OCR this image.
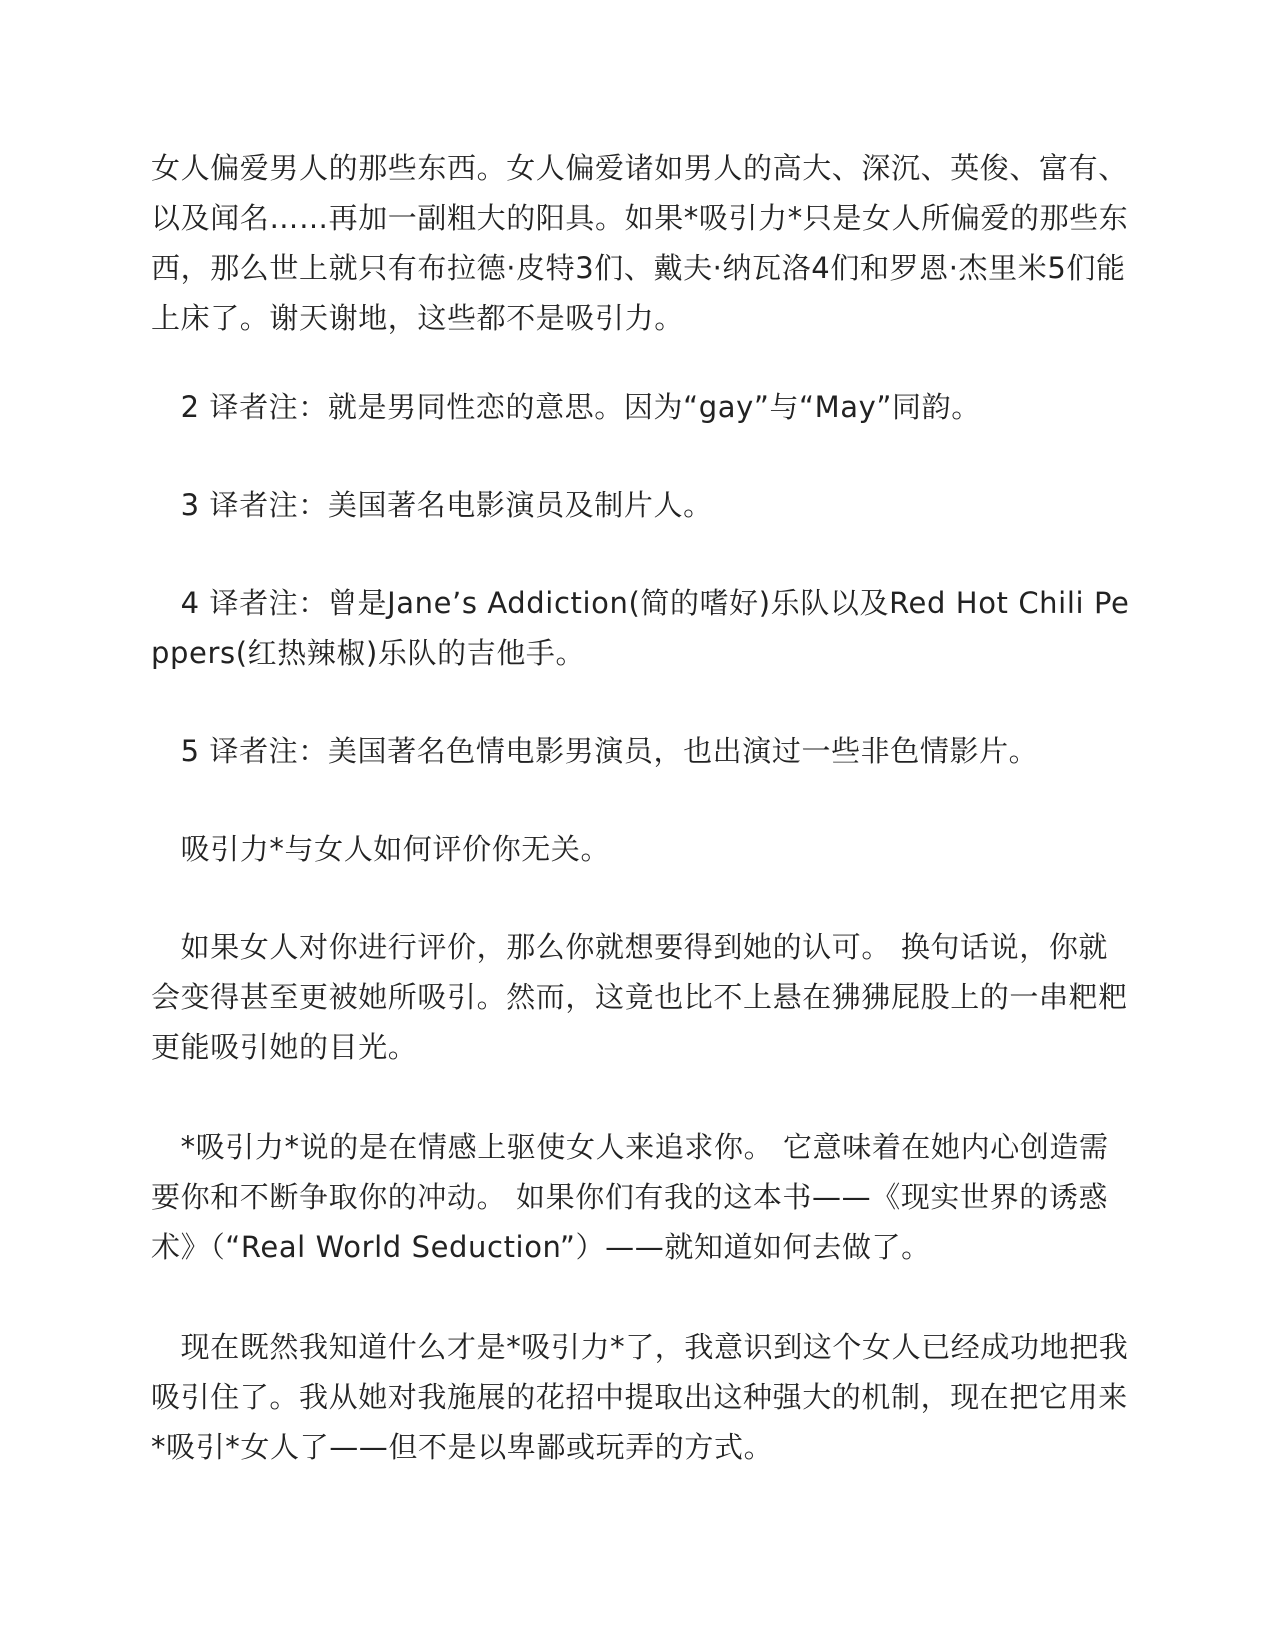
女人偏爱男人的那些东西。女人偏爱诸如男人的高大、深沉、英俊、富有、以及闻名……再加一副粗大的阳具。如果*吸引力*只是女人所偏爱的那些东西，那么世上就只有布拉德·皮特3们、戴夫·纳瓦洛4们和罗恩·杰里米5们能上床了。谢天谢地，这些都不是吸引力。

　2 译者注：就是男同性恋的意思。因为“gay”与“May”同韵。

　3 译者注：美国著名电影演员及制片人。

　4 译者注：曾是Jane’s Addiction(简的嗜好)乐队以及Red Hot Chili Peppers(红热辣椒)乐队的吉他手。

　5 译者注：美国著名色情电影男演员，也出演过一些非色情影片。

　吸引力*与女人如何评价你无关。

　如果女人对你进行评价，那么你就想要得到她的认可。 换句话说，你就会变得甚至更被她所吸引。然而，这竟也比不上悬在狒狒屁股上的一串粑粑更能吸引她的目光。

　*吸引力*说的是在情感上驱使女人来追求你。 它意味着在她内心创造需要你和不断争取你的冲动。 如果你们有我的这本书——《现实世界的诱惑术》（“Real World Seduction”）——就知道如何去做了。

　现在既然我知道什么才是*吸引力*了，我意识到这个女人已经成功地把我吸引住了。我从她对我施展的花招中提取出这种强大的机制，现在把它用来*吸引*女人了——但不是以卑鄙或玩弄的方式。
